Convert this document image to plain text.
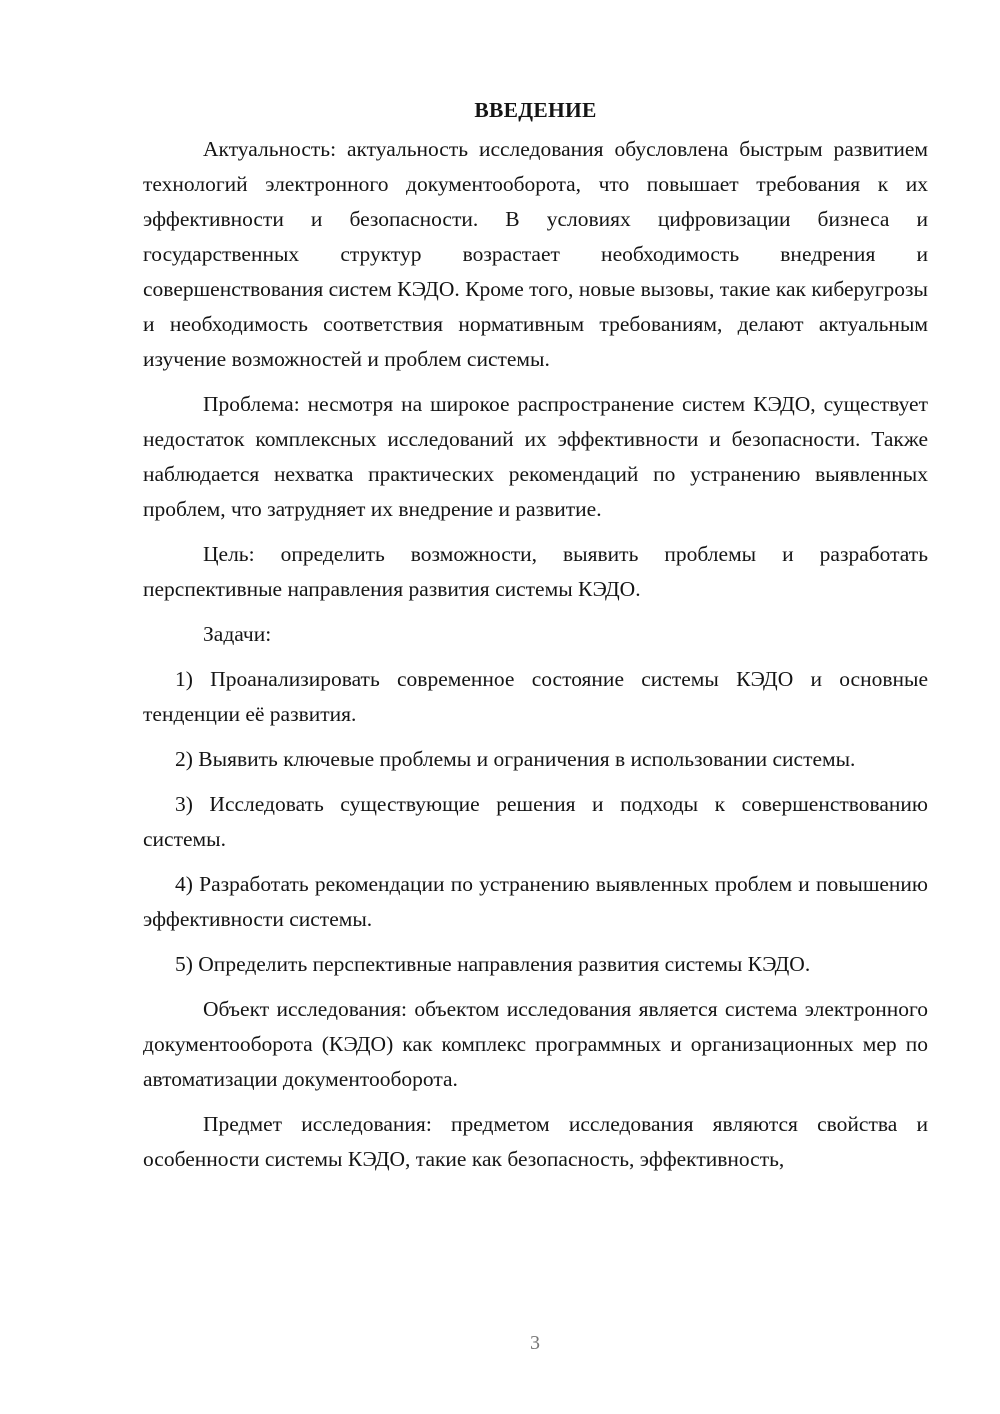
ВВЕДЕНИЕ

Актуальность: актуальность исследования обусловлена быстрым развитием технологий электронного документооборота, что повышает требования к их эффективности и безопасности. В условиях цифровизации бизнеса и государственных структур возрастает необходимость внедрения и совершенствования систем КЭДО. Кроме того, новые вызовы, такие как киберугрозы и необходимость соответствия нормативным требованиям, делают актуальным изучение возможностей и проблем системы.

Проблема: несмотря на широкое распространение систем КЭДО, существует недостаток комплексных исследований их эффективности и безопасности. Также наблюдается нехватка практических рекомендаций по устранению выявленных проблем, что затрудняет их внедрение и развитие.

Цель: определить возможности, выявить проблемы и разработать перспективные направления развития системы КЭДО.

Задачи:

1) Проанализировать современное состояние системы КЭДО и основные тенденции её развития.

2) Выявить ключевые проблемы и ограничения в использовании системы.

3) Исследовать существующие решения и подходы к совершенствованию системы.

4) Разработать рекомендации по устранению выявленных проблем и повышению эффективности системы.

5) Определить перспективные направления развития системы КЭДО.

Объект исследования: объектом исследования является система электронного документооборота (КЭДО) как комплекс программных и организационных мер по автоматизации документооборота.

Предмет исследования: предметом исследования являются свойства и особенности системы КЭДО, такие как безопасность, эффективность,

3
